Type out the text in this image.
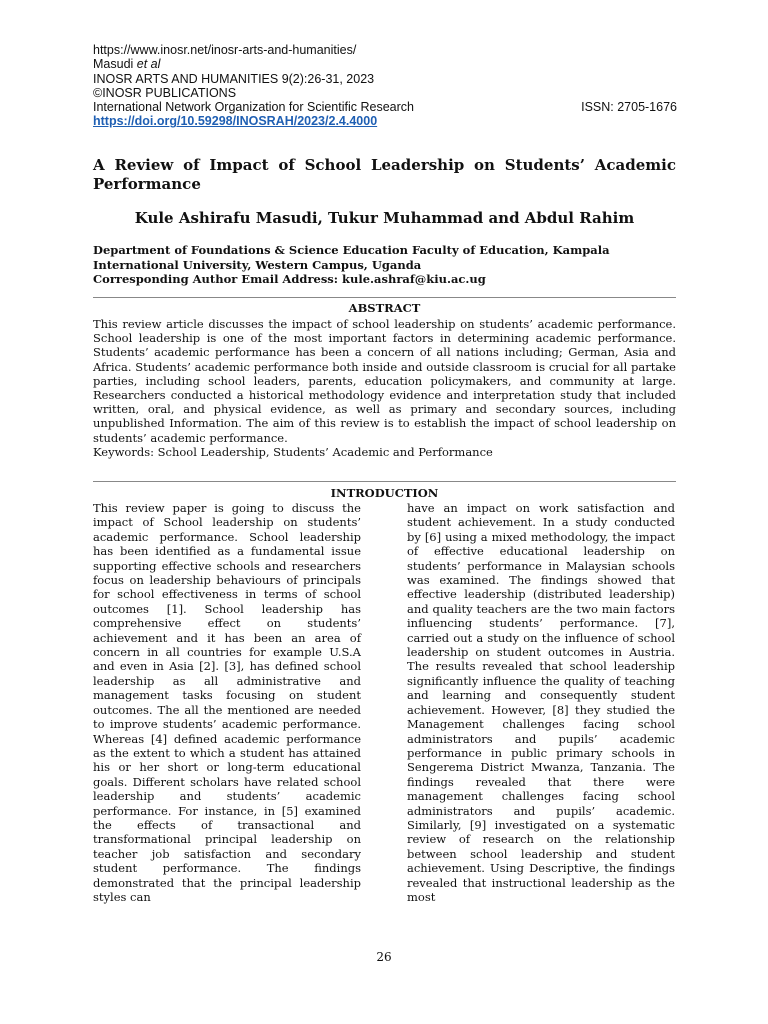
https://www.inosr.net/inosr-arts-and-humanities/
Masudi et al
INOSR ARTS AND HUMANITIES 9(2):26-31, 2023
©INOSR PUBLICATIONS
International Network Organization for Scientific Research	ISSN: 2705-1676
https://doi.org/10.59298/INOSRAH/2023/2.4.4000
A Review of Impact of School Leadership on Students’ Academic Performance
Kule Ashirafu Masudi, Tukur Muhammad and Abdul Rahim
Department of Foundations & Science Education Faculty of Education, Kampala International University, Western Campus, Uganda
Corresponding Author Email Address: kule.ashraf@kiu.ac.ug
ABSTRACT

This review article discusses the impact of school leadership on students’ academic performance. School leadership is one of the most important factors in determining academic performance. Students’ academic performance has been a concern of all nations including; German, Asia and Africa. Students’ academic performance both inside and outside classroom is crucial for all partake parties, including school leaders, parents, education policymakers, and community at large. Researchers conducted a historical methodology evidence and interpretation study that included written, oral, and physical evidence, as well as primary and secondary sources, including unpublished Information. The aim of this review is to establish the impact of school leadership on students’ academic performance.

Keywords: School Leadership, Students’ Academic and Performance

INTRODUCTION

This review paper is going to discuss the impact of School leadership on students’ academic performance. School leadership has been identified as a fundamental issue supporting effective schools and researchers focus on leadership behaviours of principals for school effectiveness in terms of school outcomes [1]. School leadership has comprehensive effect on students’ achievement and it has been an area of concern in all countries for example U.S.A and even in Asia [2]. [3], has defined school leadership as all administrative and management tasks focusing on student outcomes. The all the mentioned are needed to improve students’ academic performance. Whereas [4] defined academic performance as the extent to which a student has attained his or her short or long-term educational goals. Different scholars have related school leadership and students’ academic performance. For instance, in [5] examined the effects of transactional and transformational principal leadership on teacher job satisfaction and secondary student performance. The findings demonstrated that the principal leadership styles can

have an impact on work satisfaction and student achievement. In a study conducted by [6] using a mixed methodology, the impact of effective educational leadership on students’ performance in Malaysian schools was examined. The findings showed that effective leadership (distributed leadership) and quality teachers are the two main factors influencing students’ performance. [7], carried out a study on the influence of school leadership on student outcomes in Austria. The results revealed that school leadership significantly influence the quality of teaching and learning and consequently student achievement. However, [8] they studied the Management challenges facing school administrators and pupils’ academic performance in public primary schools in Sengerema District Mwanza, Tanzania. The findings revealed that there were management challenges facing school administrators and pupils’ academic. Similarly, [9] investigated on a systematic review of research on the relationship between school leadership and student achievement. Using Descriptive, the findings revealed that instructional leadership as the most

26
